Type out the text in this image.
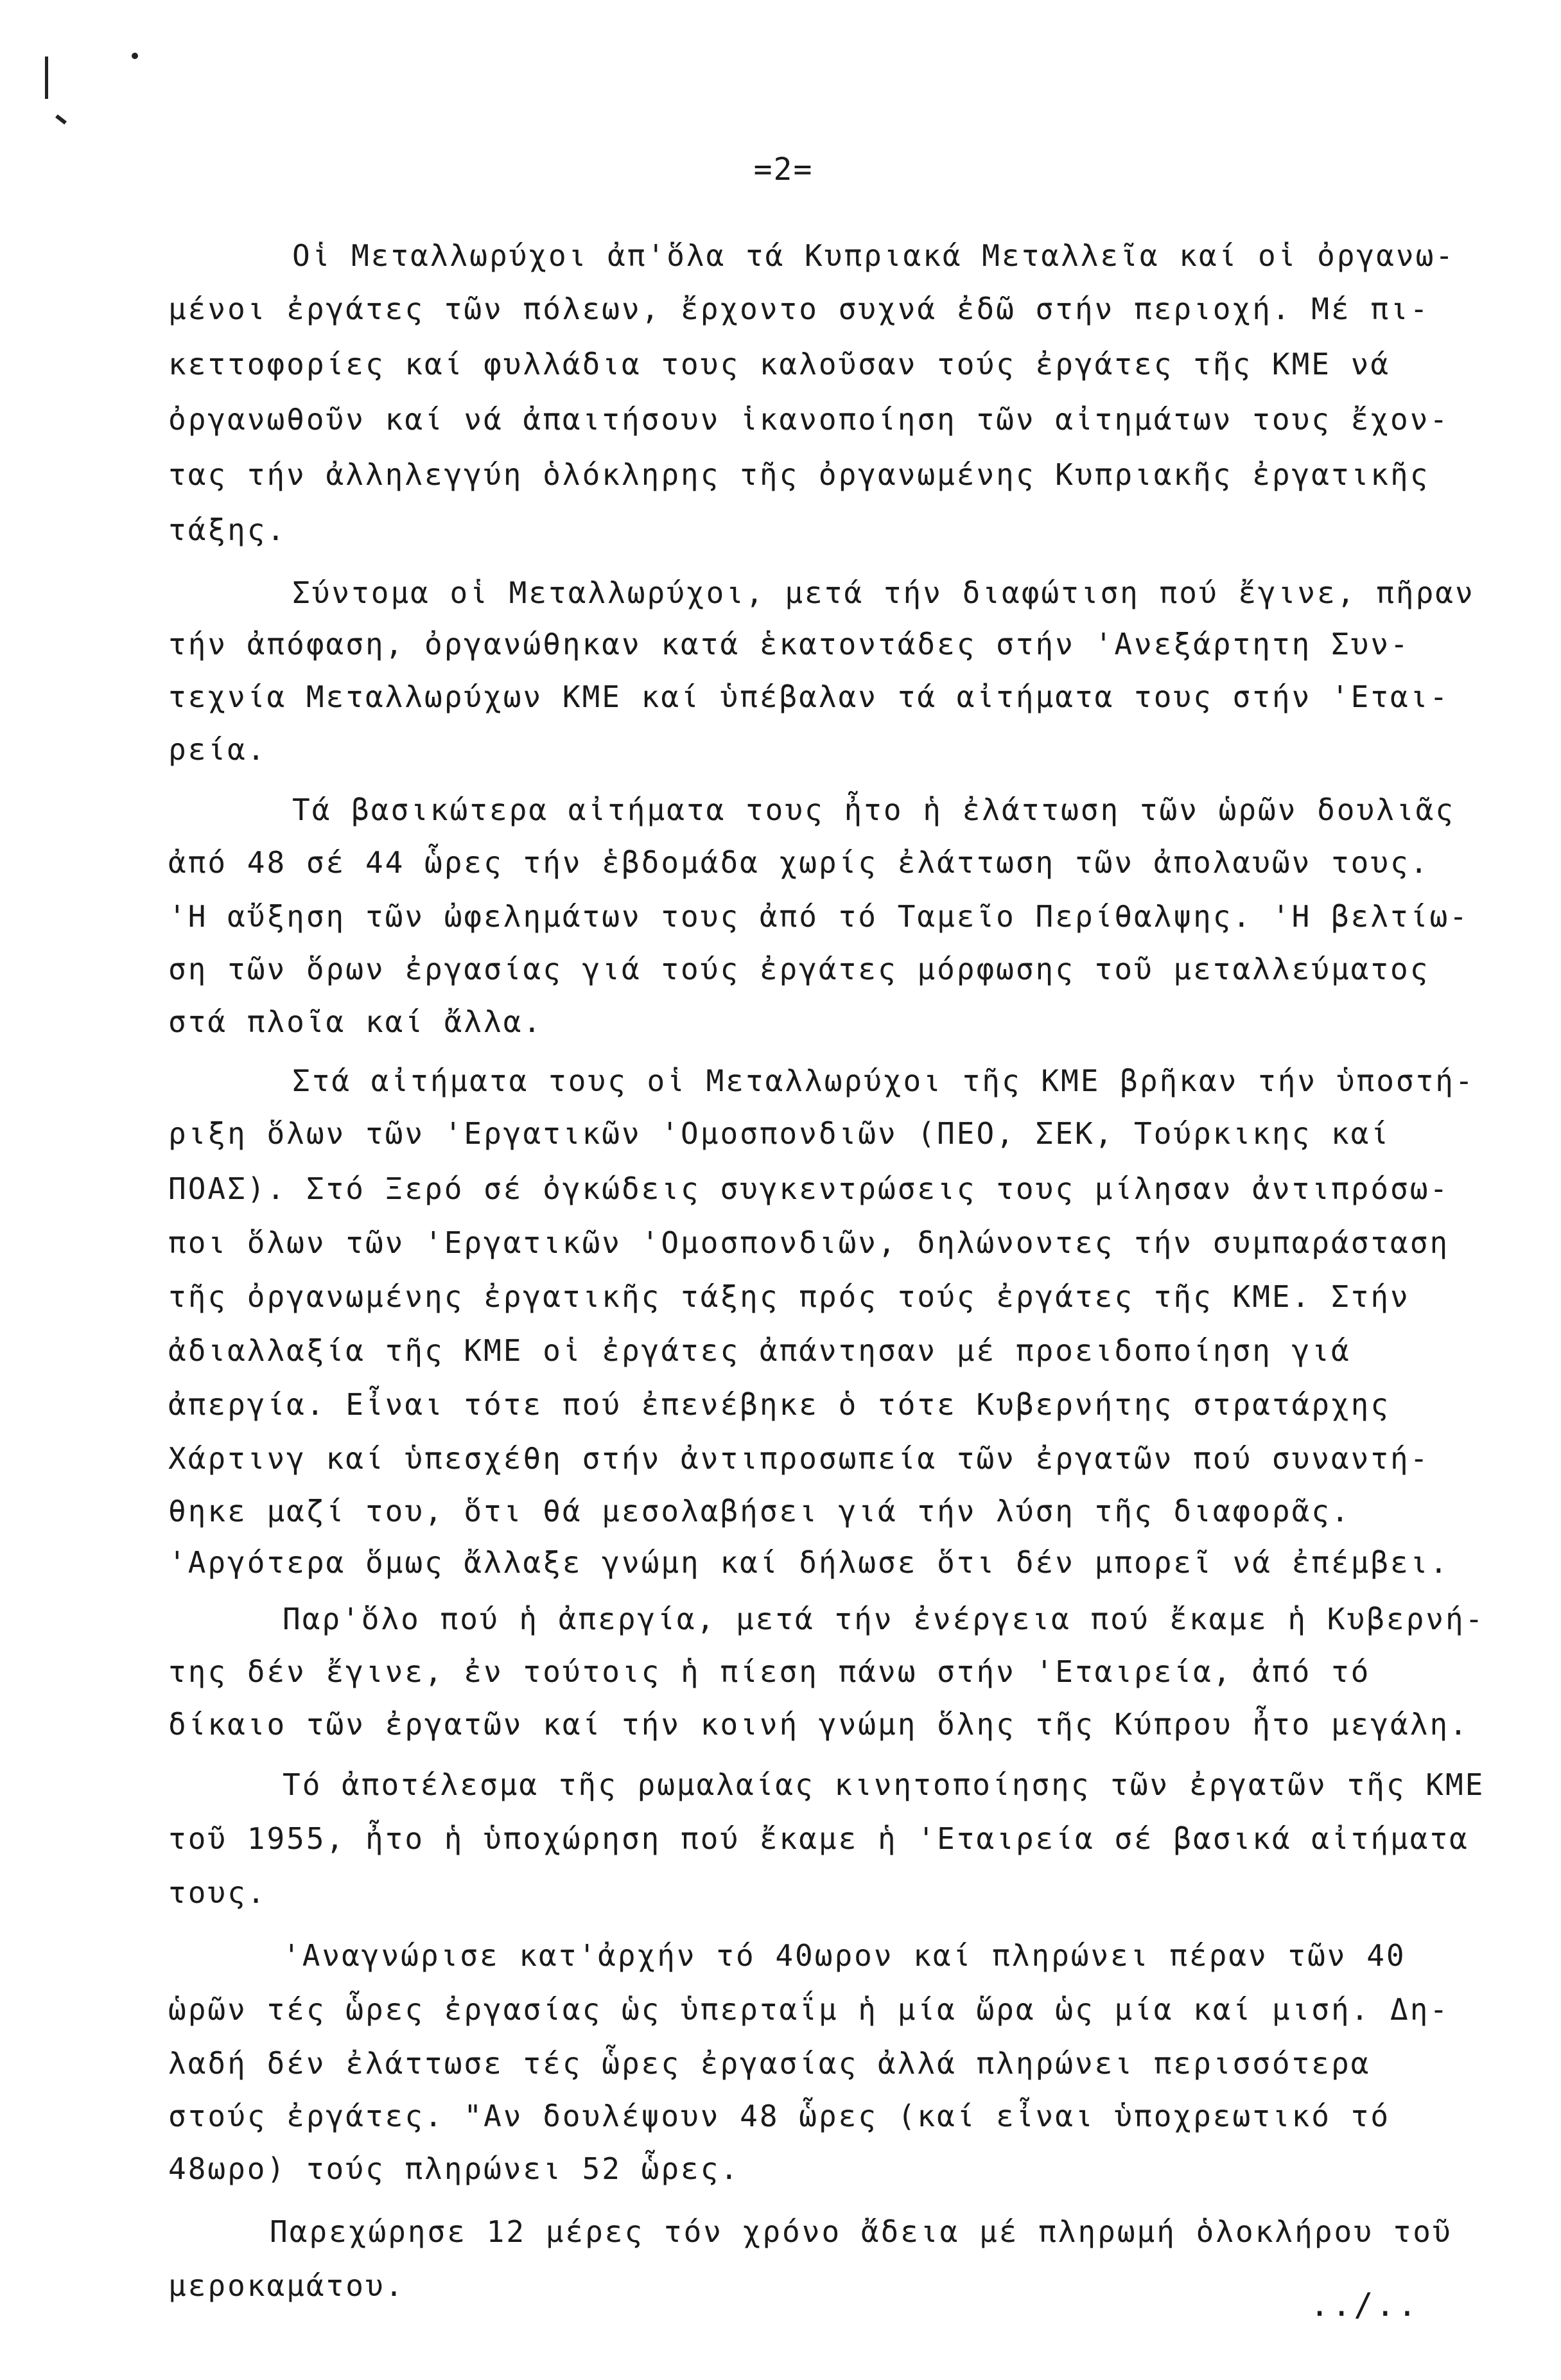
=2=
Οἱ Μεταλλωρύχοι ἀπ'ὅλα τά Κυπριακά Μεταλλεῖα καί οἱ ὀργανω-
μένοι ἐργάτες τῶν πόλεων, ἔρχοντο συχνά ἐδῶ στήν περιοχή. Μέ πι-
κεττοφορίες καί φυλλάδια τους καλοῦσαν τούς ἐργάτες τῆς ΚΜΕ νά
ὀργανωθοῦν καί νά ἀπαιτήσουν ἱκανοποίηση τῶν αἰτημάτων τους ἔχον-
τας τήν ἀλληλεγγύη ὁλόκληρης τῆς ὀργανωμένης Κυπριακῆς ἐργατικῆς
τάξης.
Σύντομα οἱ Μεταλλωρύχοι, μετά τήν διαφώτιση πού ἔγινε, πῆραν
τήν ἀπόφαση, ὀργανώθηκαν κατά ἑκατοντάδες στήν 'Ανεξάρτητη Συν-
τεχνία Μεταλλωρύχων ΚΜΕ καί ὑπέβαλαν τά αἰτήματα τους στήν 'Εται-
ρεία.
Τά βασικώτερα αἰτήματα τους ἦτο ἡ ἐλάττωση τῶν ὡρῶν δουλιᾶς
ἀπό 48 σέ 44 ὧρες τήν ἑβδομάδα χωρίς ἐλάττωση τῶν ἀπολαυῶν τους.
'Η αὔξηση τῶν ὠφελημάτων τους ἀπό τό Ταμεῖο Περίθαλψης. 'Η βελτίω-
ση τῶν ὅρων ἐργασίας γιά τούς ἐργάτες μόρφωσης τοῦ μεταλλεύματος
στά πλοῖα καί ἄλλα.
Στά αἰτήματα τους οἱ Μεταλλωρύχοι τῆς ΚΜΕ βρῆκαν τήν ὑποστή-
ριξη ὅλων τῶν 'Εργατικῶν 'Ομοσπονδιῶν (ΠΕΟ, ΣΕΚ, Τούρκικης καί
ΠΟΑΣ). Στό Ξερό σέ ὀγκώδεις συγκεντρώσεις τους μίλησαν ἀντιπρόσω-
ποι ὅλων τῶν 'Εργατικῶν 'Ομοσπονδιῶν, δηλώνοντες τήν συμπαράσταση
τῆς ὀργανωμένης ἐργατικῆς τάξης πρός τούς ἐργάτες τῆς ΚΜΕ. Στήν
ἀδιαλλαξία τῆς ΚΜΕ οἱ ἐργάτες ἀπάντησαν μέ προειδοποίηση γιά
ἀπεργία. Εἶναι τότε πού ἐπενέβηκε ὁ τότε Κυβερνήτης στρατάρχης
Χάρτινγ καί ὑπεσχέθη στήν ἀντιπροσωπεία τῶν ἐργατῶν πού συναντή-
θηκε μαζί του, ὅτι θά μεσολαβήσει γιά τήν λύση τῆς διαφορᾶς.
'Αργότερα ὅμως ἄλλαξε γνώμη καί δήλωσε ὅτι δέν μπορεῖ νά ἐπέμβει.
Παρ'ὅλο πού ἡ ἀπεργία, μετά τήν ἐνέργεια πού ἔκαμε ἡ Κυβερνή-
της δέν ἔγινε, ἐν τούτοις ἡ πίεση πάνω στήν 'Εταιρεία, ἀπό τό
δίκαιο τῶν ἐργατῶν καί τήν κοινή γνώμη ὅλης τῆς Κύπρου ἦτο μεγάλη.
Τό ἀποτέλεσμα τῆς ρωμαλαίας κινητοποίησης τῶν ἐργατῶν τῆς ΚΜΕ
τοῦ 1955, ἦτο ἡ ὑποχώρηση πού ἔκαμε ἡ 'Εταιρεία σέ βασικά αἰτήματα
τους.
'Αναγνώρισε κατ'ἀρχήν τό 40ωρον καί πληρώνει πέραν τῶν 40
ὡρῶν τές ὧρες ἐργασίας ὡς ὑπερταΐμ ἡ μία ὥρα ὡς μία καί μισή. Δη-
λαδή δέν ἐλάττωσε τές ὧρες ἐργασίας ἀλλά πληρώνει περισσότερα
στούς ἐργάτες. "Αν δουλέψουν 48 ὧρες (καί εἶναι ὑποχρεωτικό τό
48ωρο) τούς πληρώνει 52 ὧρες.
Παρεχώρησε 12 μέρες τόν χρόνο ἄδεια μέ πληρωμή ὁλοκλήρου τοῦ
μεροκαμάτου.
../..
